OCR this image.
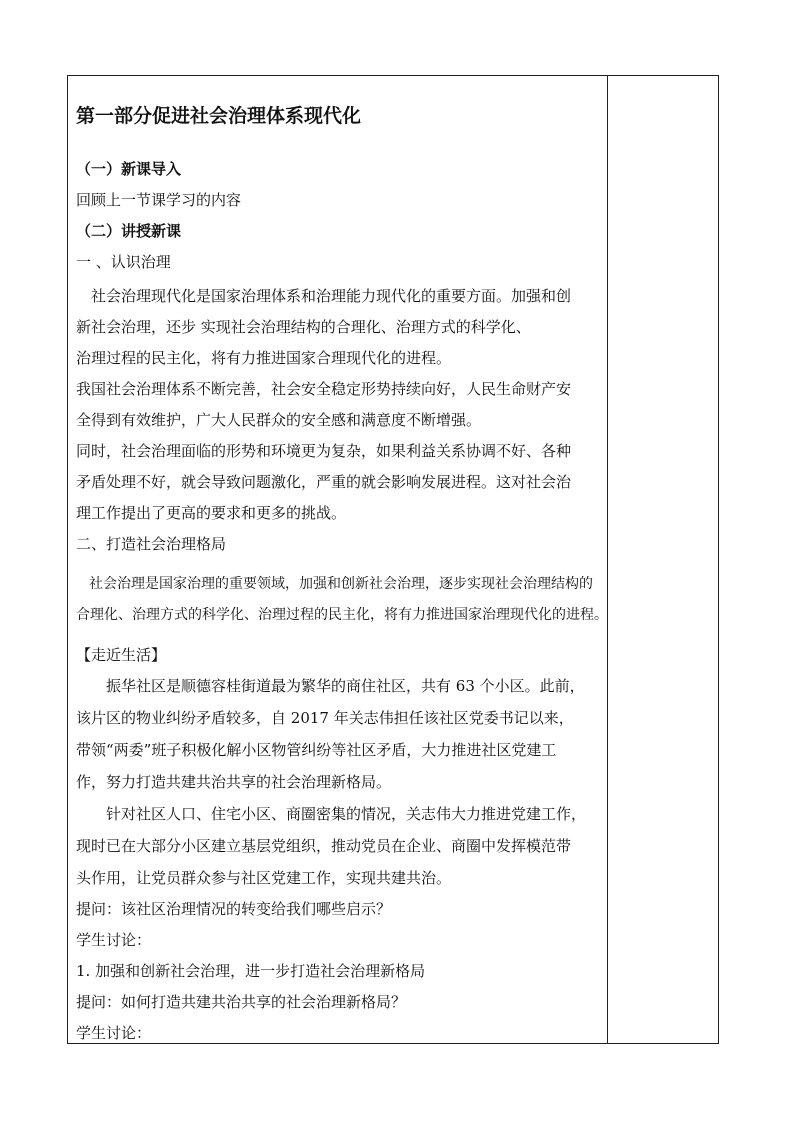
第一部分促进社会治理体系现代化
（一）新课导入
回顾上一节课学习的内容
（二）讲授新课
一 、认识治理
社会治理现代化是国家治理体系和治理能力现代化的重要方面。加强和创
新社会治理，还步 实现社会治理结构的合理化、治理方式的科学化、
治理过程的民主化，将有力推进国家合理现代化的进程。
我国社会治理体系不断完善，社会安全稳定形势持续向好，人民生命财产安
全得到有效维护，广大人民群众的安全感和满意度不断增强。
同时，社会治理面临的形势和环境更为复杂，如果利益关系协调不好、各种
矛盾处理不好，就会导致问题激化，严重的就会影响发展进程。这对社会治
理工作提出了更高的要求和更多的挑战。
二、打造社会治理格局
社会治理是国家治理的重要领域，加强和创新社会治理，逐步实现社会治理结构的
合理化、治理方式的科学化、治理过程的民主化，将有力推进国家治理现代化的进程。
【走近生活】
振华社区是顺德容桂街道最为繁华的商住社区，共有 63 个小区。此前，
该片区的物业纠纷矛盾较多，自 2017 年关志伟担任该社区党委书记以来，
带领“两委”班子积极化解小区物管纠纷等社区矛盾，大力推进社区党建工
作，努力打造共建共治共享的社会治理新格局。
针对社区人口、住宅小区、商圈密集的情况，关志伟大力推进党建工作，
现时已在大部分小区建立基层党组织，推动党员在企业、商圈中发挥模范带
头作用，让党员群众参与社区党建工作，实现共建共治。
提问：该社区治理情况的转变给我们哪些启示？
学生讨论：
1. 加强和创新社会治理，进一步打造社会治理新格局
提问：如何打造共建共治共享的社会治理新格局？
学生讨论：
